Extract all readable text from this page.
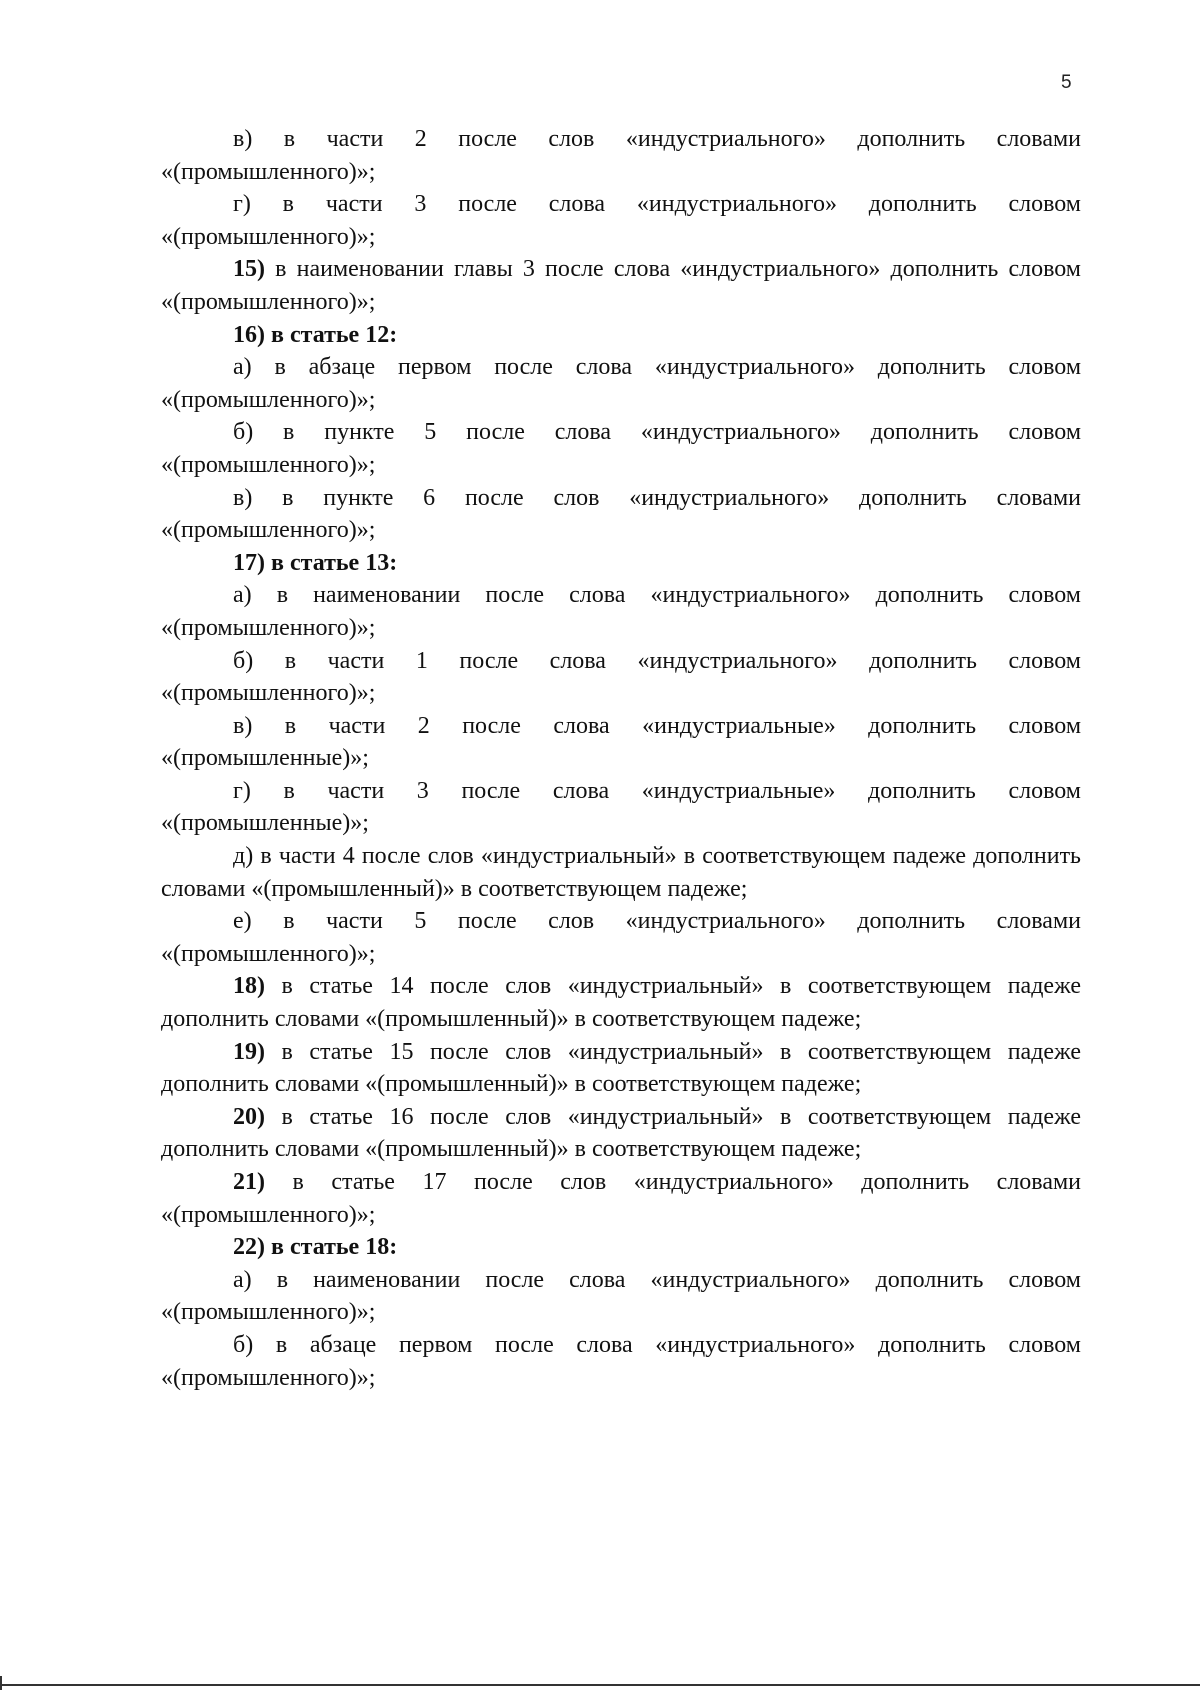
5

в) в части 2 после слов «индустриального» дополнить словами «(промышленного)»;

г) в части 3 после слова «индустриального» дополнить словом «(промышленного)»;

15) в наименовании главы 3 после слова «индустриального» дополнить словом «(промышленного)»;

16) в статье 12:

а) в абзаце первом после слова «индустриального» дополнить словом «(промышленного)»;

б) в пункте 5 после слова «индустриального» дополнить словом «(промышленного)»;

в) в пункте 6 после слов «индустриального» дополнить словами «(промышленного)»;

17) в статье 13:

а) в наименовании после слова «индустриального» дополнить словом «(промышленного)»;

б) в части 1 после слова «индустриального» дополнить словом «(промышленного)»;

в) в части 2 после слова «индустриальные» дополнить словом «(промышленные)»;

г) в части 3 после слова «индустриальные» дополнить словом «(промышленные)»;

д) в части 4 после слов «индустриальный» в соответствующем падеже дополнить словами «(промышленный)» в соответствующем падеже;

е) в части 5 после слов «индустриального» дополнить словами «(промышленного)»;

18) в статье 14 после слов «индустриальный» в соответствующем падеже дополнить словами «(промышленный)» в соответствующем падеже;

19) в статье 15 после слов «индустриальный» в соответствующем падеже дополнить словами «(промышленный)» в соответствующем падеже;

20) в статье 16 после слов «индустриальный» в соответствующем падеже дополнить словами «(промышленный)» в соответствующем падеже;

21) в статье 17 после слов «индустриального» дополнить словами «(промышленного)»;

22) в статье 18:

а) в наименовании после слова «индустриального» дополнить словом «(промышленного)»;

б) в абзаце первом после слова «индустриального» дополнить словом «(промышленного)»;
